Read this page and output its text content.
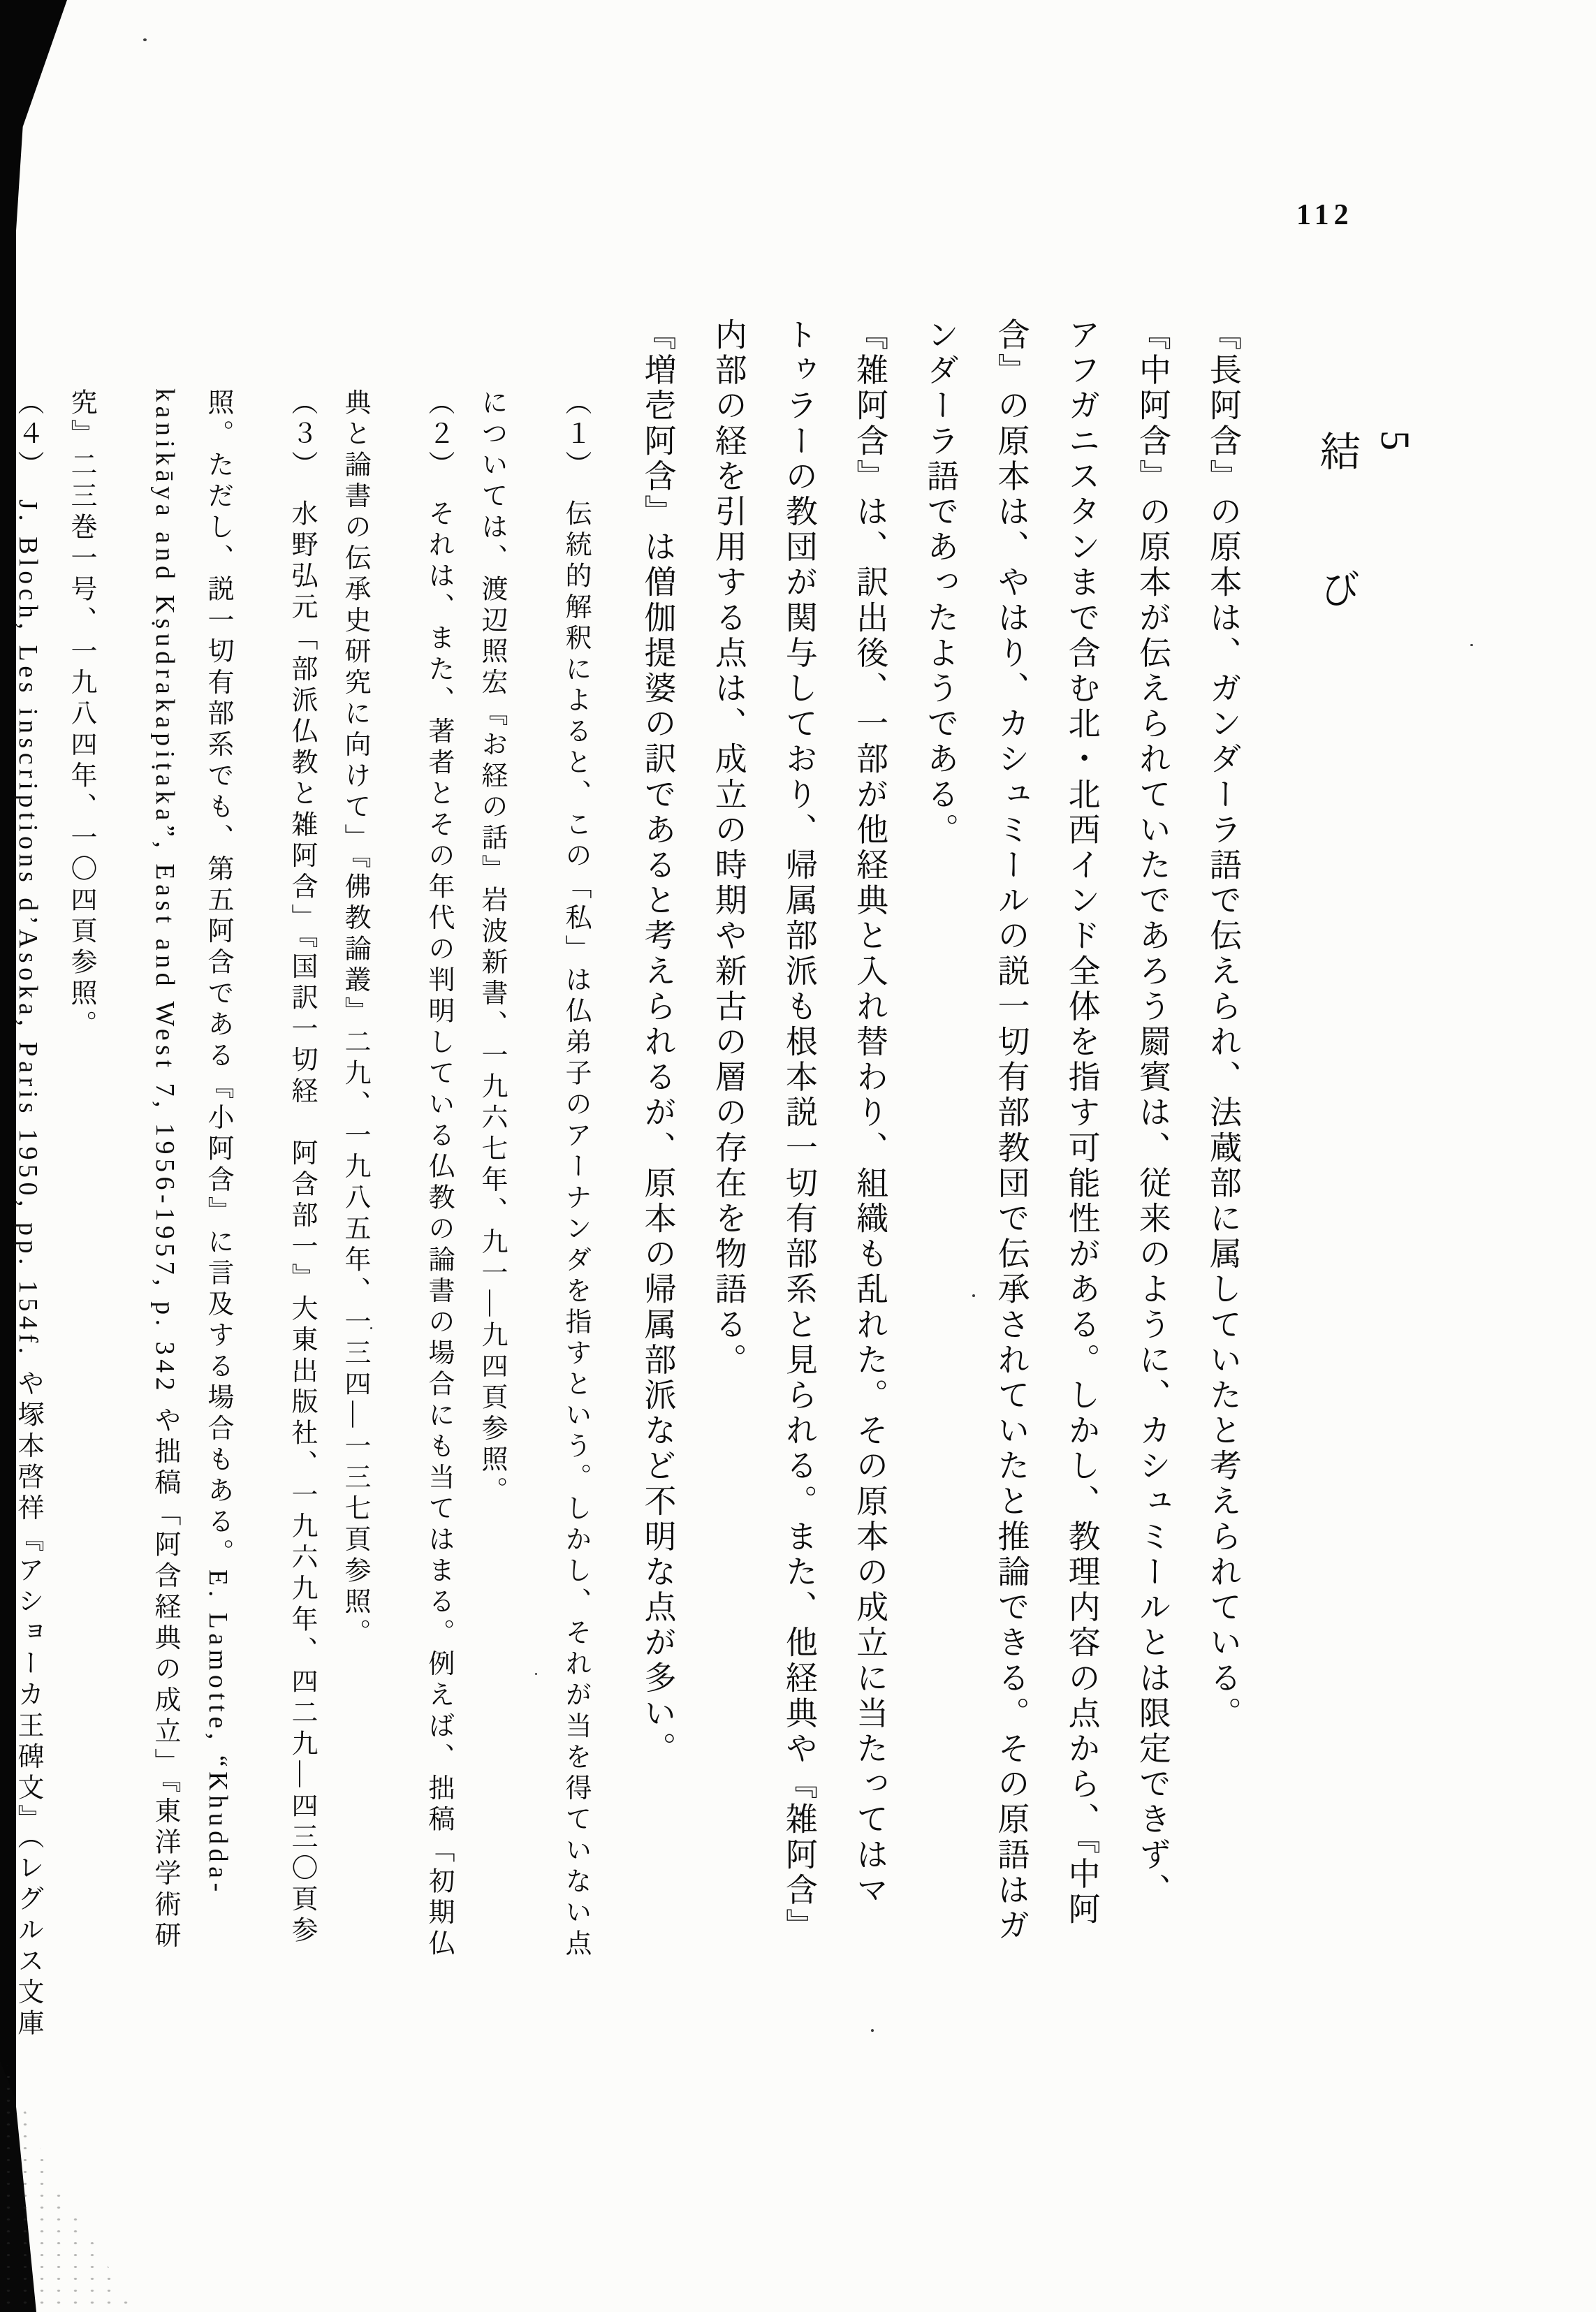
112
5
結び

『長阿含』の原本は、ガンダーラ語で伝えられ、法蔵部に属していたと考えられている。

『中阿含』の原本が伝えられていたであろう罽賓は、従来のように、カシュミールとは限定できず、

アフガニスタンまで含む北・北西インド全体を指す可能性がある。しかし、教理内容の点から、『中阿

含』の原本は、やはり、カシュミールの説一切有部教団で伝承されていたと推論できる。その原語はガ

ンダーラ語であったようである。

『雑阿含』は、訳出後、一部が他経典と入れ替わり、組織も乱れた。その原本の成立に当たってはマ

トゥラーの教団が関与しており、帰属部派も根本説一切有部系と見られる。また、他経典や『雑阿含』

内部の経を引用する点は、成立の時期や新古の層の存在を物語る。

『増壱阿含』は僧伽提婆の訳であると考えられるが、原本の帰属部派など不明な点が多い。

（１）　伝統的解釈によると、この「私」は仏弟子のアーナンダを指すという。しかし、それが当を得ていない点

については、渡辺照宏『お経の話』岩波新書、一九六七年、九一―九四頁参照。

（２）　それは、また、著者とその年代の判明している仏教の論書の場合にも当てはまる。例えば、拙稿「初期仏

典と論書の伝承史研究に向けて」『佛教論叢』二九、一九八五年、一三四―一三七頁参照。

（３）　水野弘元「部派仏教と雑阿含」『国訳一切経　阿含部一』大東出版社、一九六九年、四二九―四三〇頁参

照。ただし、説一切有部系でも、第五阿含である『小阿含』に言及する場合もある。E. Lamotte, “Khudda-

kanikāya and Kṣudrakapiṭaka”, East and West 7, 1956-1957, p. 342 や拙稿「阿含経典の成立」『東洋学術研

究』二三巻一号、一九八四年、一〇四頁参照。

（４）　J. Bloch, Les inscriptions d’Asoka, Paris 1950, pp. 154f. や塚本啓祥『アショーカ王碑文』（レグルス文庫
